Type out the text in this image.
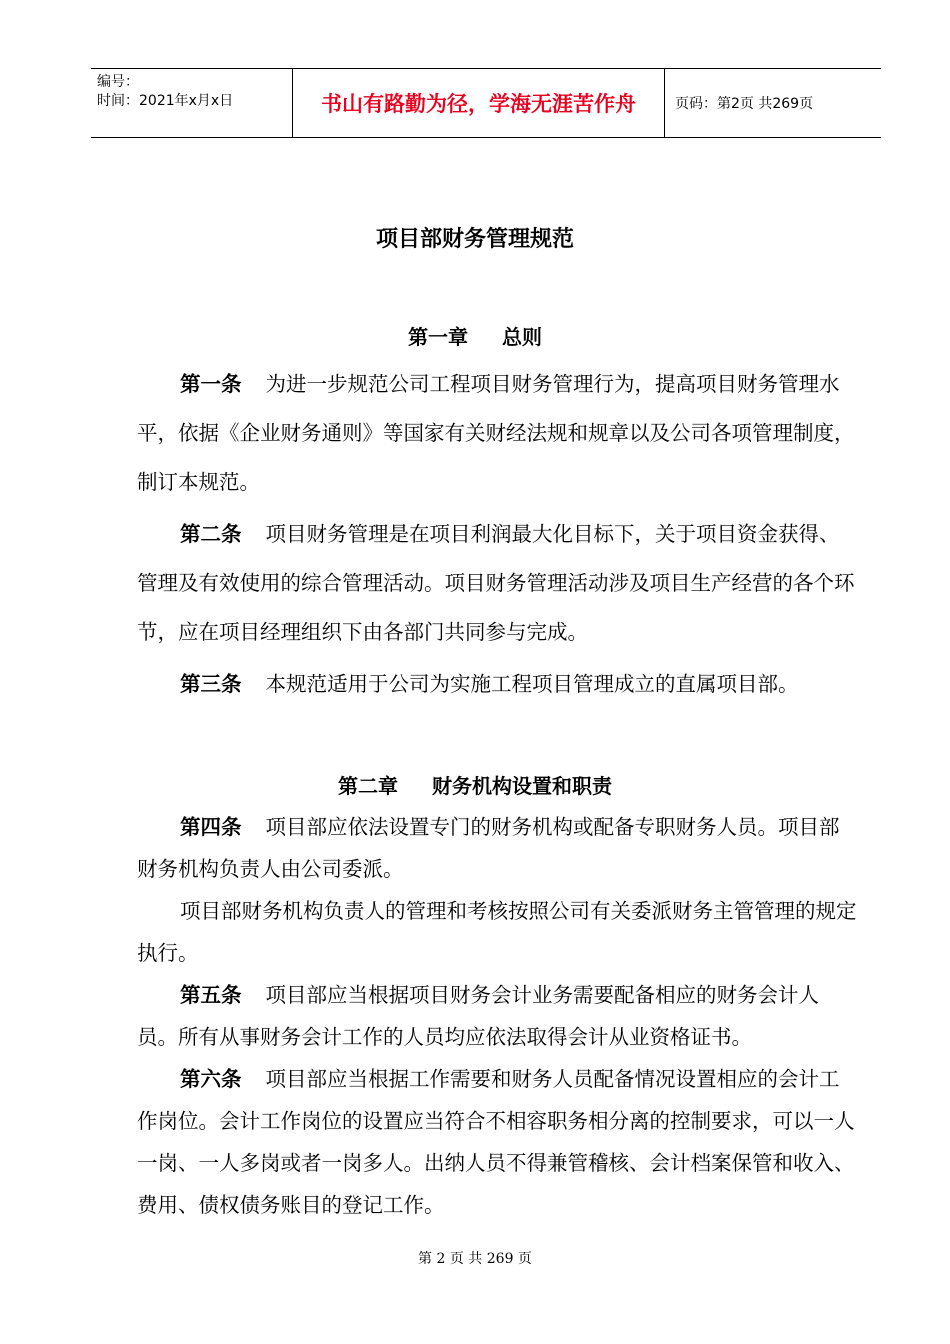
编号：
时间：2021年x月x日	书山有路勤为径，学海无涯苦作舟	页码：第2页 共269页
项目部财务管理规范
第一章 总则

第一条 为进一步规范公司工程项目财务管理行为，提高项目财务管理水平，依据《企业财务通则》等国家有关财经法规和规章以及公司各项管理制度，制订本规范。

第二条 项目财务管理是在项目利润最大化目标下，关于项目资金获得、管理及有效使用的综合管理活动。项目财务管理活动涉及项目生产经营的各个环节，应在项目经理组织下由各部门共同参与完成。

第三条 本规范适用于公司为实施工程项目管理成立的直属项目部。

第二章 财务机构设置和职责

第四条 项目部应依法设置专门的财务机构或配备专职财务人员。项目部财务机构负责人由公司委派。

项目部财务机构负责人的管理和考核按照公司有关委派财务主管管理的规定执行。

第五条 项目部应当根据项目财务会计业务需要配备相应的财务会计人员。所有从事财务会计工作的人员均应依法取得会计从业资格证书。

第六条 项目部应当根据工作需要和财务人员配备情况设置相应的会计工作岗位。会计工作岗位的设置应当符合不相容职务相分离的控制要求，可以一人一岗、一人多岗或者一岗多人。出纳人员不得兼管稽核、会计档案保管和收入、费用、债权债务账目的登记工作。

第 2 页 共 269 页
